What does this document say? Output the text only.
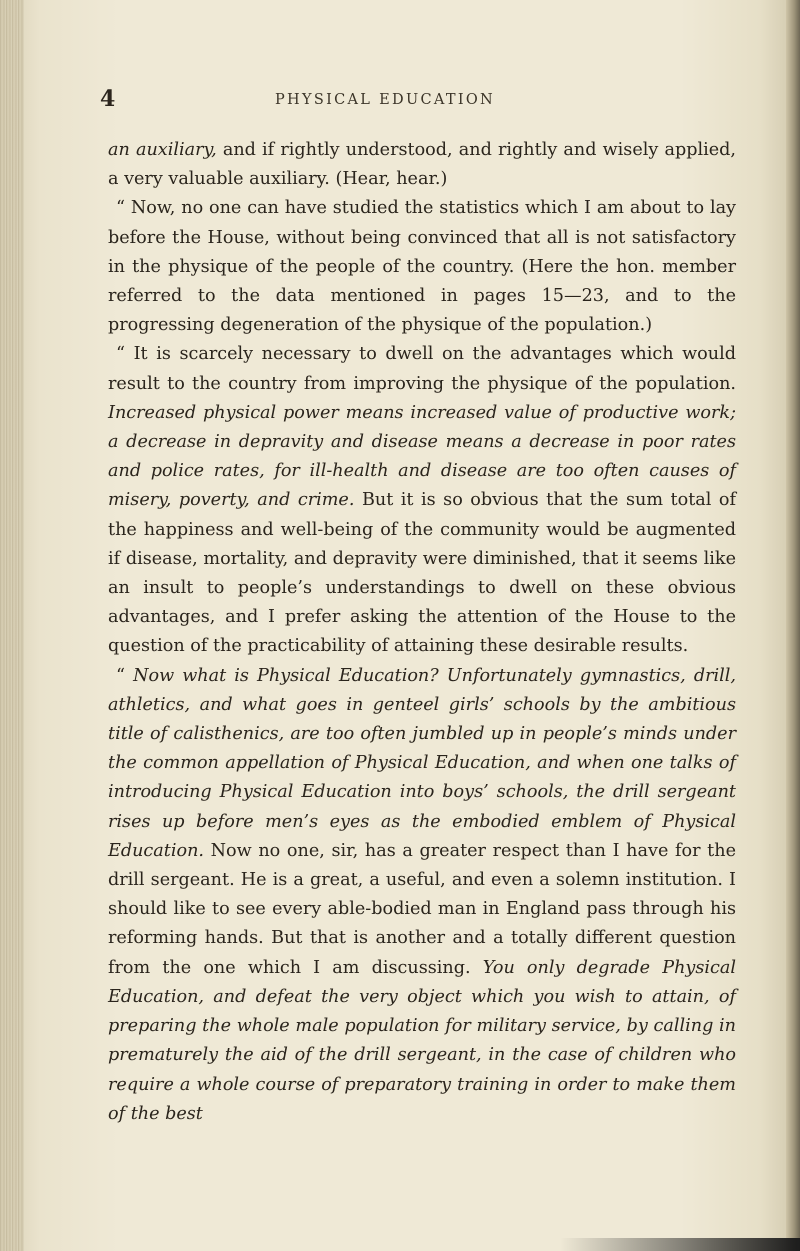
4	PHYSICAL EDUCATION

an auxiliary, and if rightly understood, and rightly and wisely applied, a very valuable auxiliary. (Hear, hear.)

“ Now, no one can have studied the statistics which I am about to lay before the House, without being convinced that all is not satisfactory in the physique of the people of the country. (Here the hon. member referred to the data mentioned in pages 15—23, and to the progressing degeneration of the physique of the population.)

“ It is scarcely necessary to dwell on the advantages which would result to the country from improving the physique of the population. Increased physical power means increased value of productive work; a decrease in depravity and disease means a decrease in poor rates and police rates, for ill-health and disease are too often causes of misery, poverty, and crime. But it is so obvious that the sum total of the happiness and well-being of the community would be augmented if disease, mortality, and depravity were diminished, that it seems like an insult to people’s understandings to dwell on these obvious advantages, and I prefer asking the attention of the House to the question of the practicability of attaining these desirable results.

“ Now what is Physical Education? Unfortunately gymnastics, drill, athletics, and what goes in genteel girls’ schools by the ambitious title of calisthenics, are too often jumbled up in people’s minds under the common appellation of Physical Education, and when one talks of introducing Physical Education into boys’ schools, the drill sergeant rises up before men’s eyes as the embodied emblem of Physical Education. Now no one, sir, has a greater respect than I have for the drill sergeant. He is a great, a useful, and even a solemn institution. I should like to see every able-bodied man in England pass through his reforming hands. But that is another and a totally different question from the one which I am discussing. You only degrade Physical Education, and defeat the very object which you wish to attain, of preparing the whole male population for military service, by calling in prematurely the aid of the drill sergeant, in the case of children who require a whole course of preparatory training in order to make them of the best
